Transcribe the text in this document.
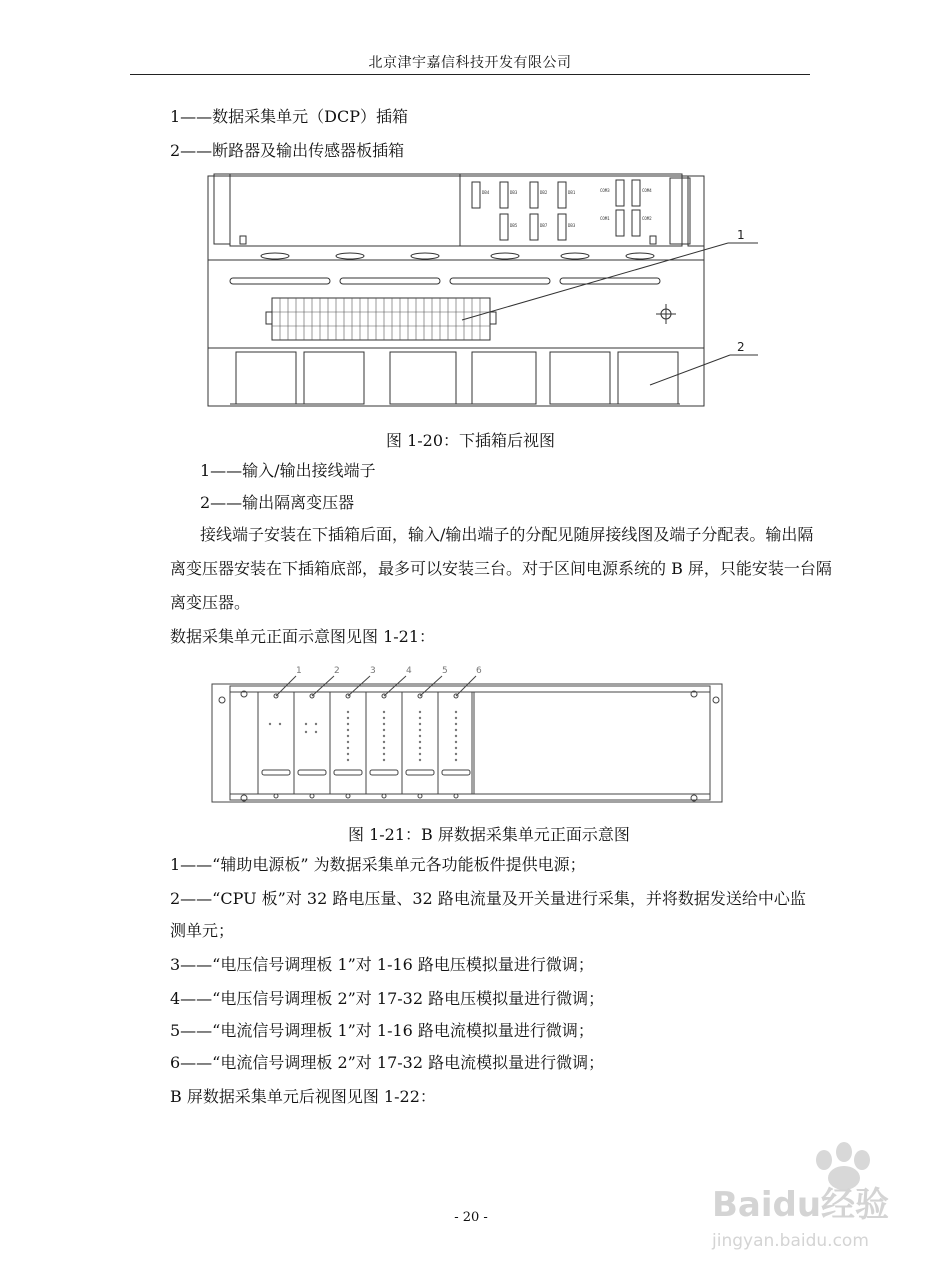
北京津宇嘉信科技开发有限公司
1——数据采集单元（DCP）插箱
2——断路器及输出传感器板插箱
DB4	DB3	DB2	DB1
DB5	DB7	DB3
COM3	COM4
COM1	COM2
1
2
图 1-20：下插箱后视图
1——输入/输出接线端子
2——输出隔离变压器
接线端子安装在下插箱后面，输入/输出端子的分配见随屏接线图及端子分配表。输出隔
离变压器安装在下插箱底部，最多可以安装三台。对于区间电源系统的 B 屏，只能安装一台隔
离变压器。
数据采集单元正面示意图见图 1-21：
1	2	3	4	5	6
图 1-21：B 屏数据采集单元正面示意图
1——“辅助电源板” 为数据采集单元各功能板件提供电源；
2——“CPU 板”对 32 路电压量、32 路电流量及开关量进行采集，并将数据发送给中心监
测单元；
3——“电压信号调理板 1”对 1-16 路电压模拟量进行微调；
4——“电压信号调理板 2”对 17-32 路电压模拟量进行微调；
5——“电流信号调理板 1”对 1-16 路电流模拟量进行微调；
6——“电流信号调理板 2”对 17-32 路电流模拟量进行微调；
B 屏数据采集单元后视图见图 1-22：
- 20 -	Baidu经验
jingyan.baidu.com
